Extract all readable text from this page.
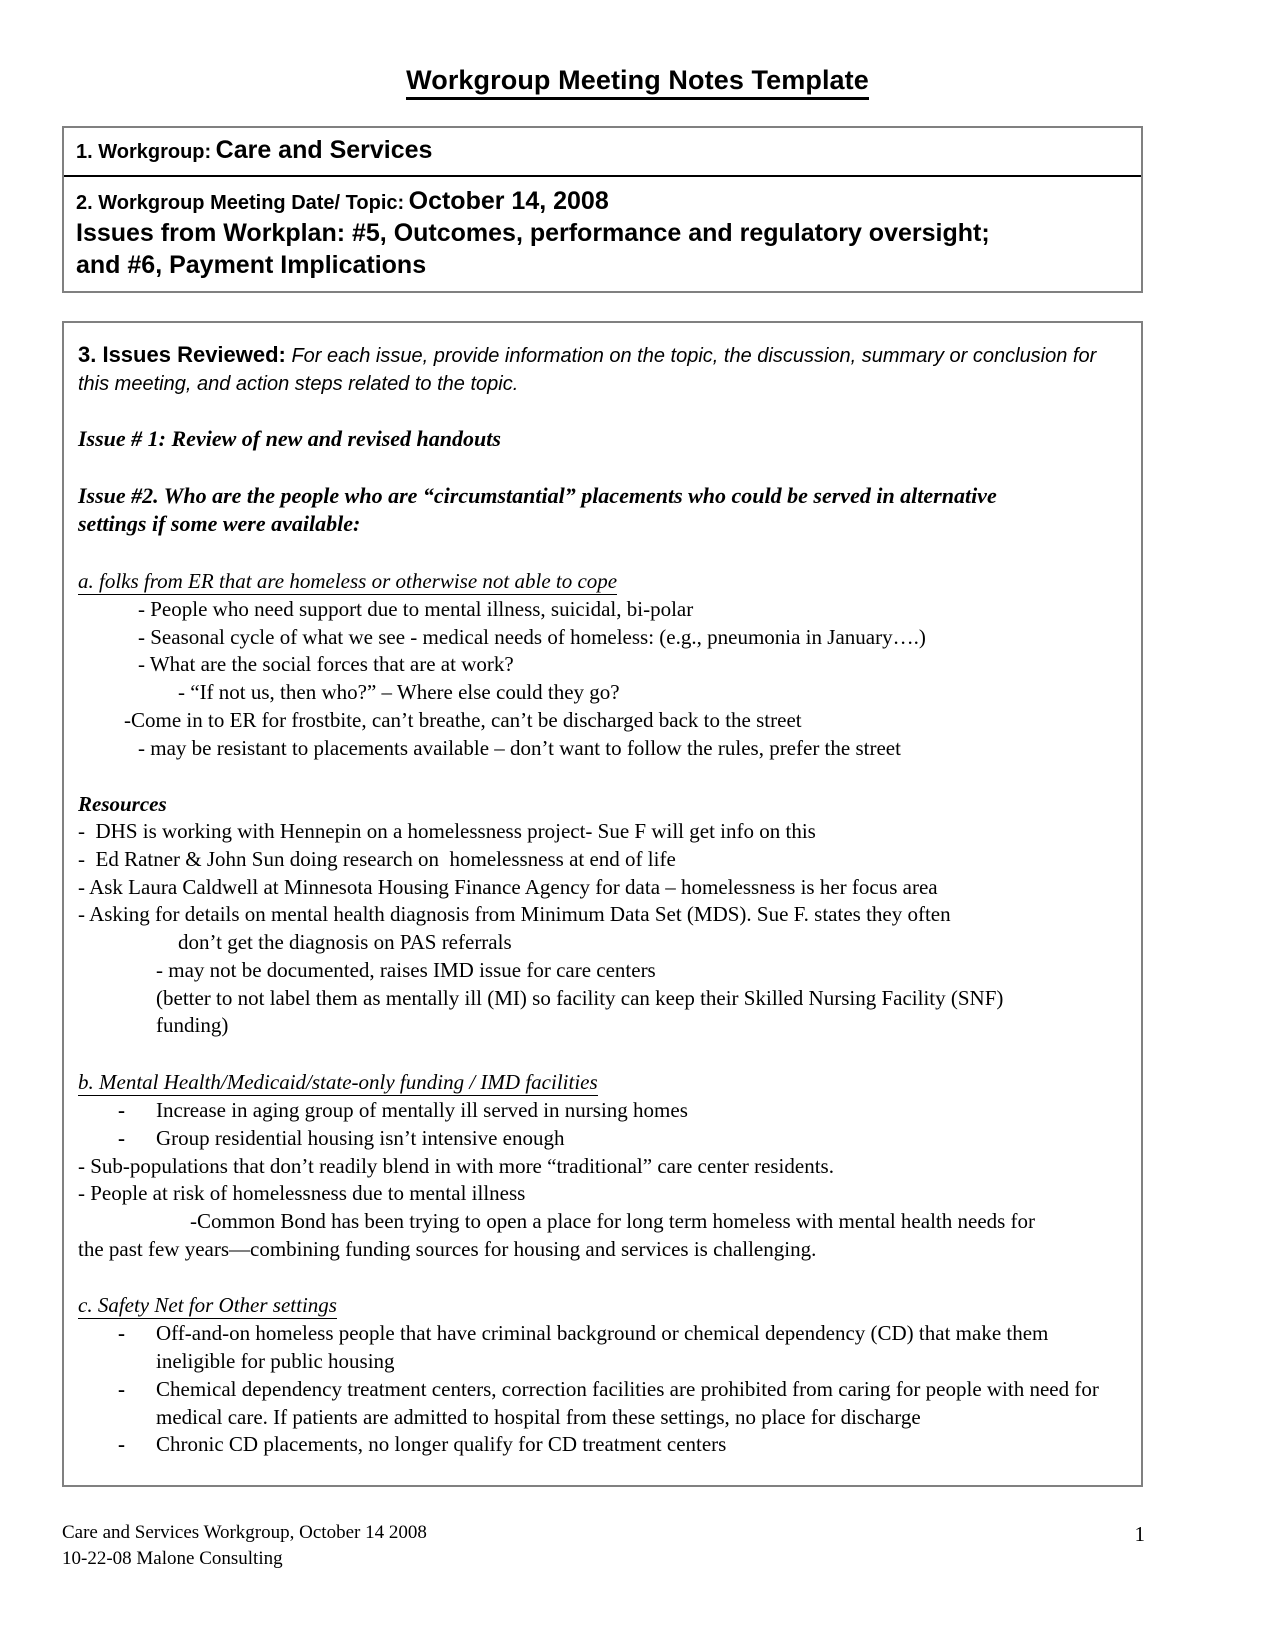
Workgroup Meeting Notes Template
1. Workgroup: Care and Services
2. Workgroup Meeting Date/ Topic: October 14, 2008
Issues from Workplan: #5, Outcomes, performance and regulatory oversight;
and #6, Payment Implications
3. Issues Reviewed: For each issue, provide information on the topic, the discussion, summary or conclusion for this meeting, and action steps related to the topic.
Issue # 1: Review of new and revised handouts
Issue #2. Who are the people who are “circumstantial” placements who could be served in alternative
settings if some were available:
a. folks from ER that are homeless or otherwise not able to cope
- People who need support due to mental illness, suicidal, bi-polar
- Seasonal cycle of what we see - medical needs of homeless: (e.g., pneumonia in January….)
- What are the social forces that are at work?
- “If not us, then who?” – Where else could they go?
-Come in to ER for frostbite, can’t breathe, can’t be discharged back to the street
- may be resistant to placements available – don’t want to follow the rules, prefer the street
Resources
-  DHS is working with Hennepin on a homelessness project- Sue F will get info on this
-  Ed Ratner & John Sun doing research on  homelessness at end of life
- Ask Laura Caldwell at Minnesota Housing Finance Agency for data – homelessness is her focus area
- Asking for details on mental health diagnosis from Minimum Data Set (MDS). Sue F. states they often
don’t get the diagnosis on PAS referrals
- may not be documented, raises IMD issue for care centers
(better to not label them as mentally ill (MI) so facility can keep their Skilled Nursing Facility (SNF)
funding)
b. Mental Health/Medicaid/state-only funding / IMD facilities
- Increase in aging group of mentally ill served in nursing homes
- Group residential housing isn’t intensive enough
- Sub-populations that don’t readily blend in with more “traditional” care center residents.
- People at risk of homelessness due to mental illness
-Common Bond has been trying to open a place for long term homeless with mental health needs for
the past few years—combining funding sources for housing and services is challenging.
c. Safety Net for Other settings
- Off-and-on homeless people that have criminal background or chemical dependency (CD) that make them ineligible for public housing
- Chemical dependency treatment centers, correction facilities are prohibited from caring for people with need for medical care. If patients are admitted to hospital from these settings, no place for discharge
- Chronic CD placements, no longer qualify for CD treatment centers
Care and Services Workgroup, October 14 2008
10-22-08 Malone Consulting
1
